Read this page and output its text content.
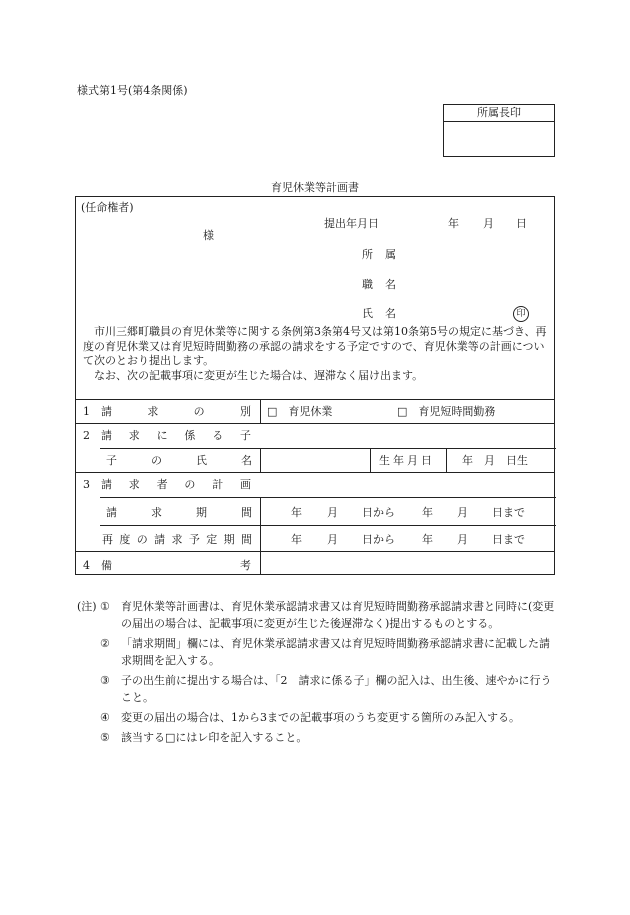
様式第1号(第4条関係)
所属長印
育児休業等計画書
(任命権者)
様
提出年月日	年 月 日
所 属
職 名
氏 名	印
市川三郷町職員の育児休業等に関する条例第3条第4号又は第10条第5号の規定に基づき、再度の育児休業又は育児短時間勤務の承認の請求をする予定ですので、育児休業等の計画について次のとおり提出します。
なお、次の記載事項に変更が生じた場合は、遅滞なく届け出ます。
1 請	求	の	別 □　育児休業	□　育児短時間勤務
2 請 求 に 係 る 子
子	の	氏	名	生年月日 年　月　日生
3 請 求 者 の 計 画
請	求	期	間	年 月 日から 年 月 日まで
再 度 の 請 求 予 定 期 間	年 月 日から 年 月 日まで
4 備	考
(注) ① 育児休業等計画書は、育児休業承認請求書又は育児短時間勤務承認請求書と同時に(変更の届出の場合は、記載事項に変更が生じた後遅滞なく)提出するものとする。
② 「請求期間」欄には、育児休業承認請求書又は育児短時間勤務承認請求書に記載した請求期間を記入する。
③ 子の出生前に提出する場合は、「2　請求に係る子」欄の記入は、出生後、速やかに行うこと。
④ 変更の届出の場合は、1から3までの記載事項のうち変更する箇所のみ記入する。
⑤ 該当する□にはレ印を記入すること。
